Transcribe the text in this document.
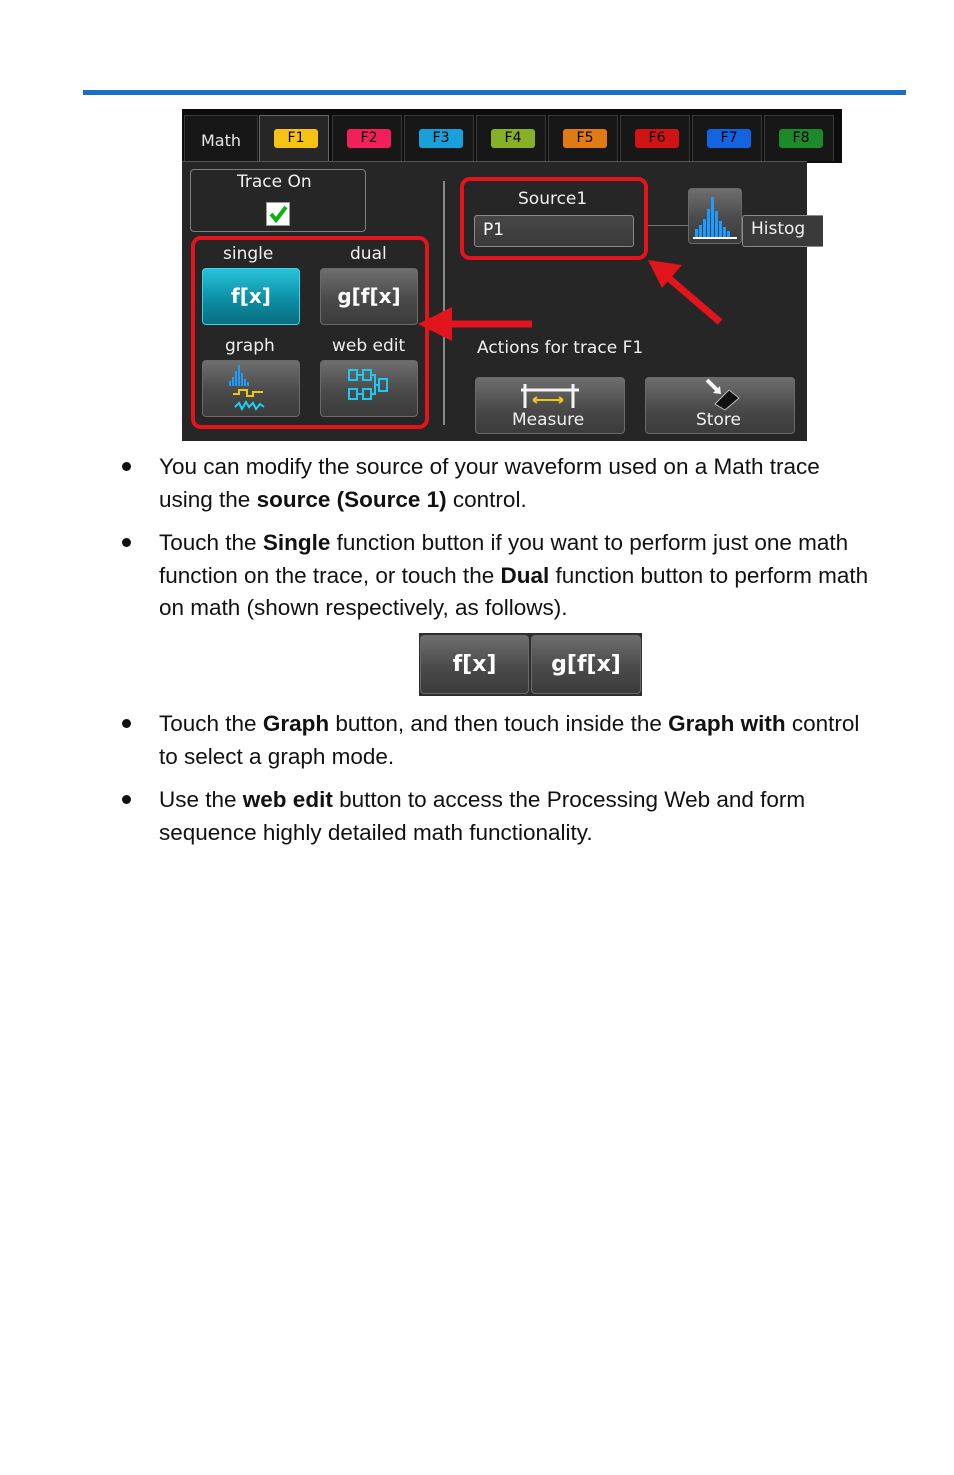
Math	F1	F2	F3	F4	F5	F6	F7	F8
Trace On
single	dual
f[x]	g[f[x]
graph	web edit
Source1
P1	Histog
Actions for trace F1
Measure	Store
You can modify the source of your waveform used on a Math trace
using the source (Source 1) control.
Touch the Single function button if you want to perform just one math function on the trace, or touch the Dual function button to perform math on math (shown respectively, as follows).
Touch the Graph button, and then touch inside the Graph with control to select a graph mode.
Use the web edit button to access the Processing Web and form sequence highly detailed math functionality.
f[x]	g[f[x]
